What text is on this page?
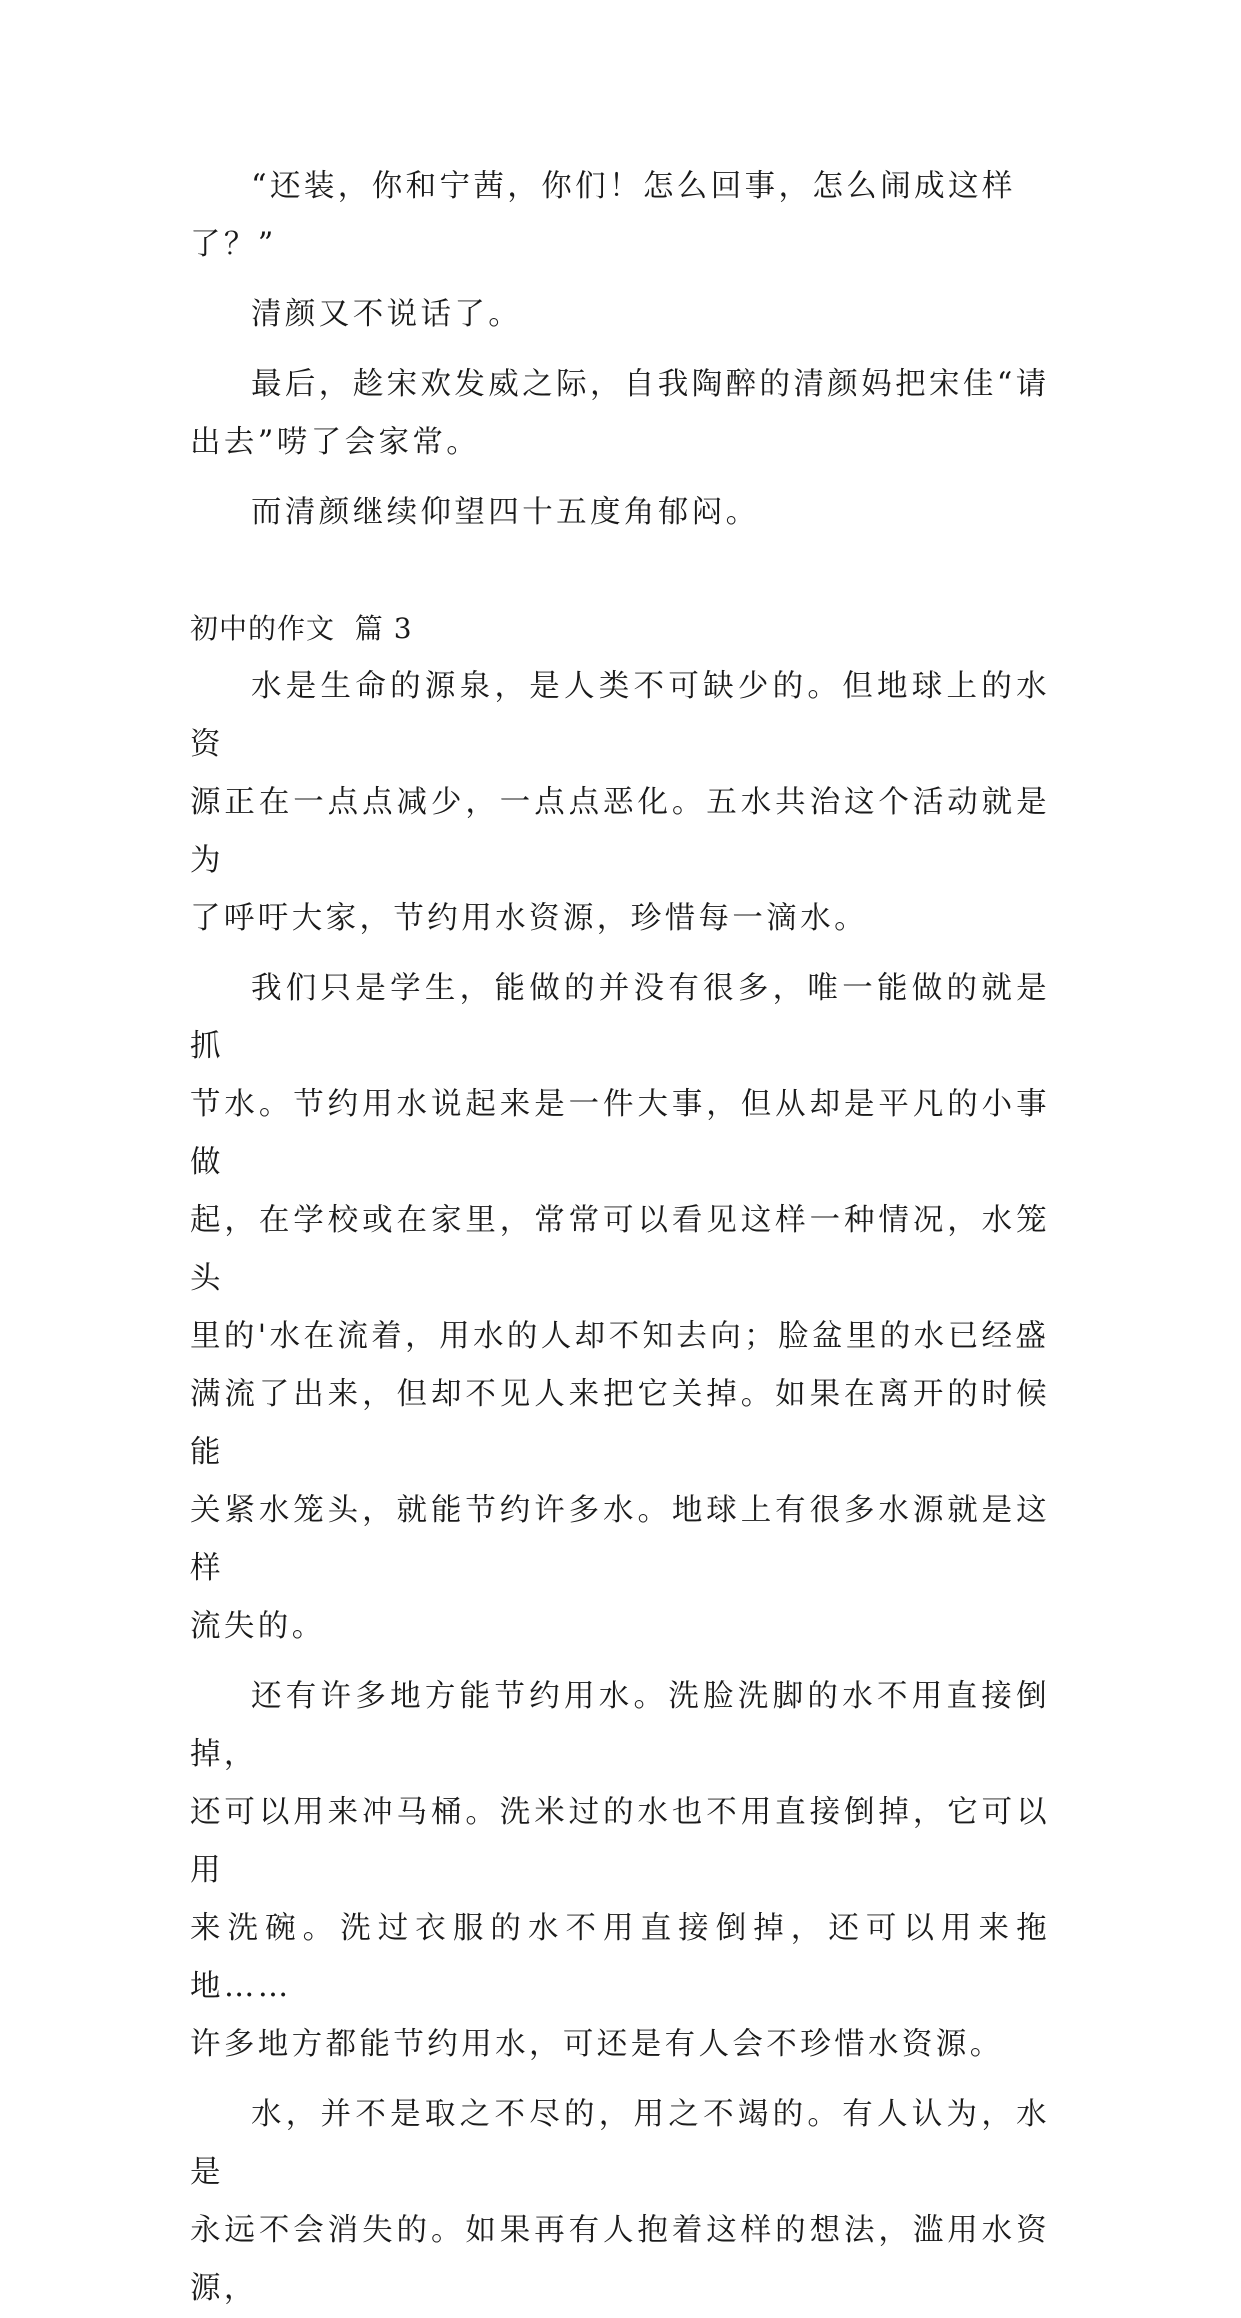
“还装，你和宁茜，你们！怎么回事，怎么闹成这样
了？”

清颜又不说话了。

最后，趁宋欢发威之际，自我陶醉的清颜妈把宋佳“请
出去”唠了会家常。

而清颜继续仰望四十五度角郁闷。

初中的作文  篇 3

水是生命的源泉，是人类不可缺少的。但地球上的水资
源正在一点点减少，一点点恶化。五水共治这个活动就是为
了呼吁大家，节约用水资源，珍惜每一滴水。

我们只是学生，能做的并没有很多，唯一能做的就是抓
节水。节约用水说起来是一件大事，但从却是平凡的小事做
起，在学校或在家里，常常可以看见这样一种情况，水笼头
里的'水在流着，用水的人却不知去向；脸盆里的水已经盛
满流了出来，但却不见人来把它关掉。如果在离开的时候能
关紧水笼头，就能节约许多水。地球上有很多水源就是这样
流失的。

还有许多地方能节约用水。洗脸洗脚的水不用直接倒掉，
还可以用来冲马桶。洗米过的水也不用直接倒掉，它可以用
来洗碗。洗过衣服的水不用直接倒掉，还可以用来拖地……
许多地方都能节约用水，可还是有人会不珍惜水资源。

水，并不是取之不尽的，用之不竭的。有人认为，水是
永远不会消失的。如果再有人抱着这样的想法，滥用水资源，
